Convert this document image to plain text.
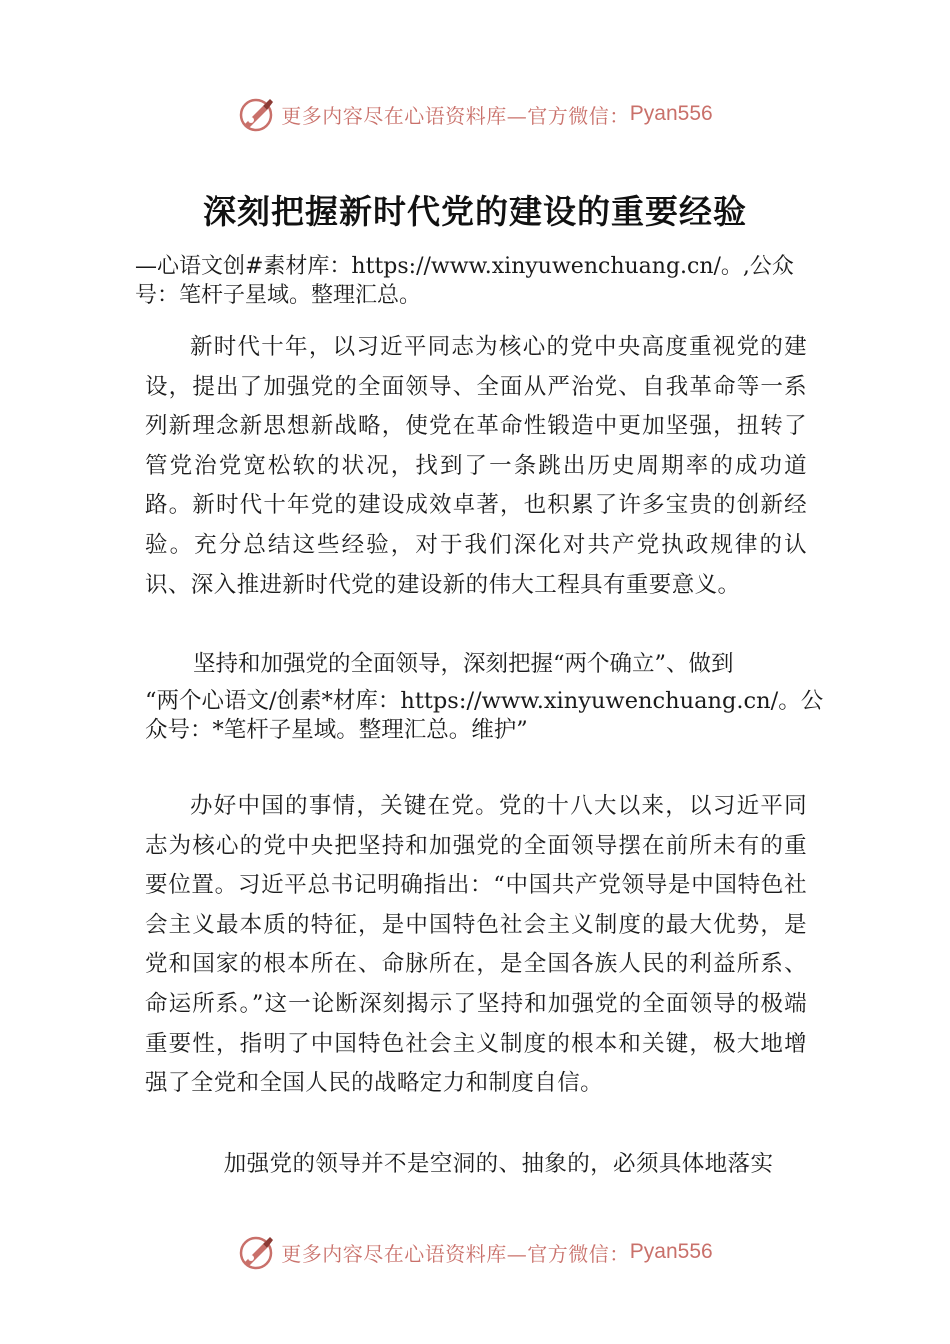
更多内容尽在心语资料库—官方微信： Pyan556
深刻把握新时代党的建设的重要经验

—心语文创#素材库：https://www.xinyuwenchuang.cn/。,公众号：笔杆子星域。整理汇总。

新时代十年，以习近平同志为核心的党中央高度重视党的建设，提出了加强党的全面领导、全面从严治党、自我革命等一系列新理念新思想新战略，使党在革命性锻造中更加坚强，扭转了管党治党宽松软的状况，找到了一条跳出历史周期率的成功道路。新时代十年党的建设成效卓著，也积累了许多宝贵的创新经验。充分总结这些经验，对于我们深化对共产党执政规律的认识、深入推进新时代党的建设新的伟大工程具有重要意义。

坚持和加强党的全面领导，深刻把握“两个确立”、做到
“两个心语文/创素*材库：https://www.xinyuwenchuang.cn/。公众号：*笔杆子星域。整理汇总。维护”

办好中国的事情，关键在党。党的十八大以来，以习近平同志为核心的党中央把坚持和加强党的全面领导摆在前所未有的重要位置。习近平总书记明确指出：“中国共产党领导是中国特色社会主义最本质的特征，是中国特色社会主义制度的最大优势，是党和国家的根本所在、命脉所在，是全国各族人民的利益所系、命运所系。”这一论断深刻揭示了坚持和加强党的全面领导的极端重要性，指明了中国特色社会主义制度的根本和关键，极大地增强了全党和全国人民的战略定力和制度自信。

加强党的领导并不是空洞的、抽象的，必须具体地落实

更多内容尽在心语资料库—官方微信： Pyan556
